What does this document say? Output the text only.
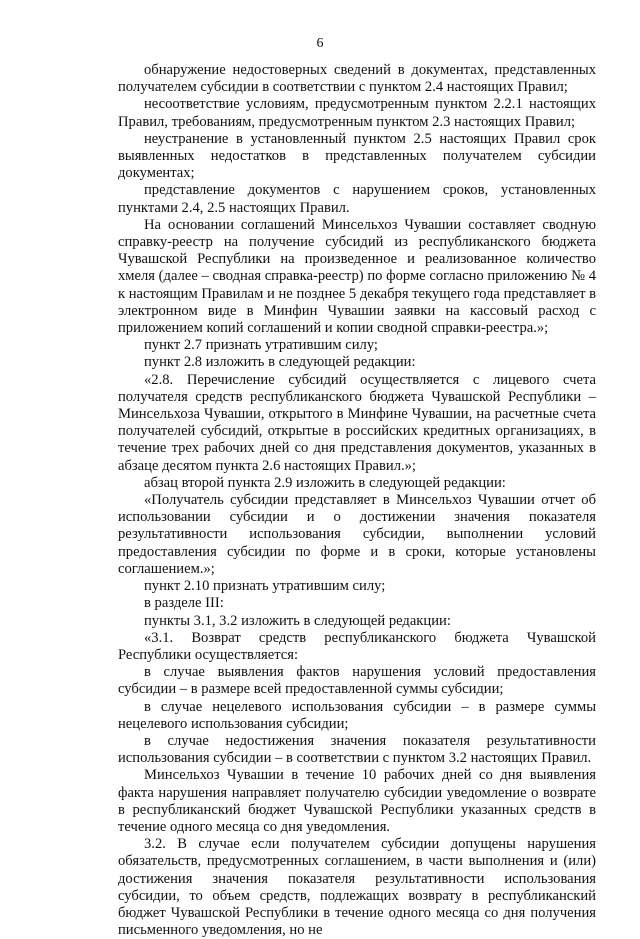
6

обнаружение недостоверных сведений в документах, представленных получателем субсидии в соответствии с пунктом 2.4 настоящих Правил;

несоответствие условиям, предусмотренным пунктом 2.2.1 настоящих Правил, требованиям, предусмотренным пунктом 2.3 настоящих Правил;

неустранение в установленный пунктом 2.5 настоящих Правил срок выявленных недостатков в представленных получателем субсидии документах;

представление документов с нарушением сроков, установленных пунктами 2.4, 2.5 настоящих Правил.

На основании соглашений Минсельхоз Чувашии составляет сводную справку-реестр на получение субсидий из республиканского бюджета Чувашской Республики на произведенное и реализованное количество хмеля (далее – сводная справка-реестр) по форме согласно приложению № 4 к настоящим Правилам и не позднее 5 декабря текущего года представляет в электронном виде в Минфин Чувашии заявки на кассовый расход с приложением копий соглашений и копии сводной справки-реестра.»;

пункт 2.7 признать утратившим силу;

пункт 2.8 изложить в следующей редакции:

«2.8. Перечисление субсидий осуществляется с лицевого счета получателя средств республиканского бюджета Чувашской Республики – Минсельхоза Чувашии, открытого в Минфине Чувашии, на расчетные счета получателей субсидий, открытые в российских кредитных организациях, в течение трех рабочих дней со дня представления документов, указанных в абзаце десятом пункта 2.6 настоящих Правил.»;

абзац второй пункта 2.9 изложить в следующей редакции:

«Получатель субсидии представляет в Минсельхоз Чувашии отчет об использовании субсидии и о достижении значения показателя результативности использования субсидии, выполнении условий предоставления субсидии по форме и в сроки, которые установлены соглашением.»;

пункт 2.10 признать утратившим силу;

в разделе III:

пункты 3.1, 3.2 изложить в следующей редакции:

«3.1. Возврат средств республиканского бюджета Чувашской Республики осуществляется:

в случае выявления фактов нарушения условий предоставления субсидии – в размере всей предоставленной суммы субсидии;

в случае нецелевого использования субсидии – в размере суммы нецелевого использования субсидии;

в случае недостижения значения показателя результативности использования субсидии – в соответствии с пунктом 3.2 настоящих Правил.

Минсельхоз Чувашии в течение 10 рабочих дней со дня выявления факта нарушения направляет получателю субсидии уведомление о возврате в республиканский бюджет Чувашской Республики указанных средств в течение одного месяца со дня уведомления.

3.2. В случае если получателем субсидии допущены нарушения обязательств, предусмотренных соглашением, в части выполнения и (или) достижения значения показателя результативности использования субсидии, то объем средств, подлежащих возврату в республиканский бюджет Чувашской Республики в течение одного месяца со дня получения письменного уведомления, но не
